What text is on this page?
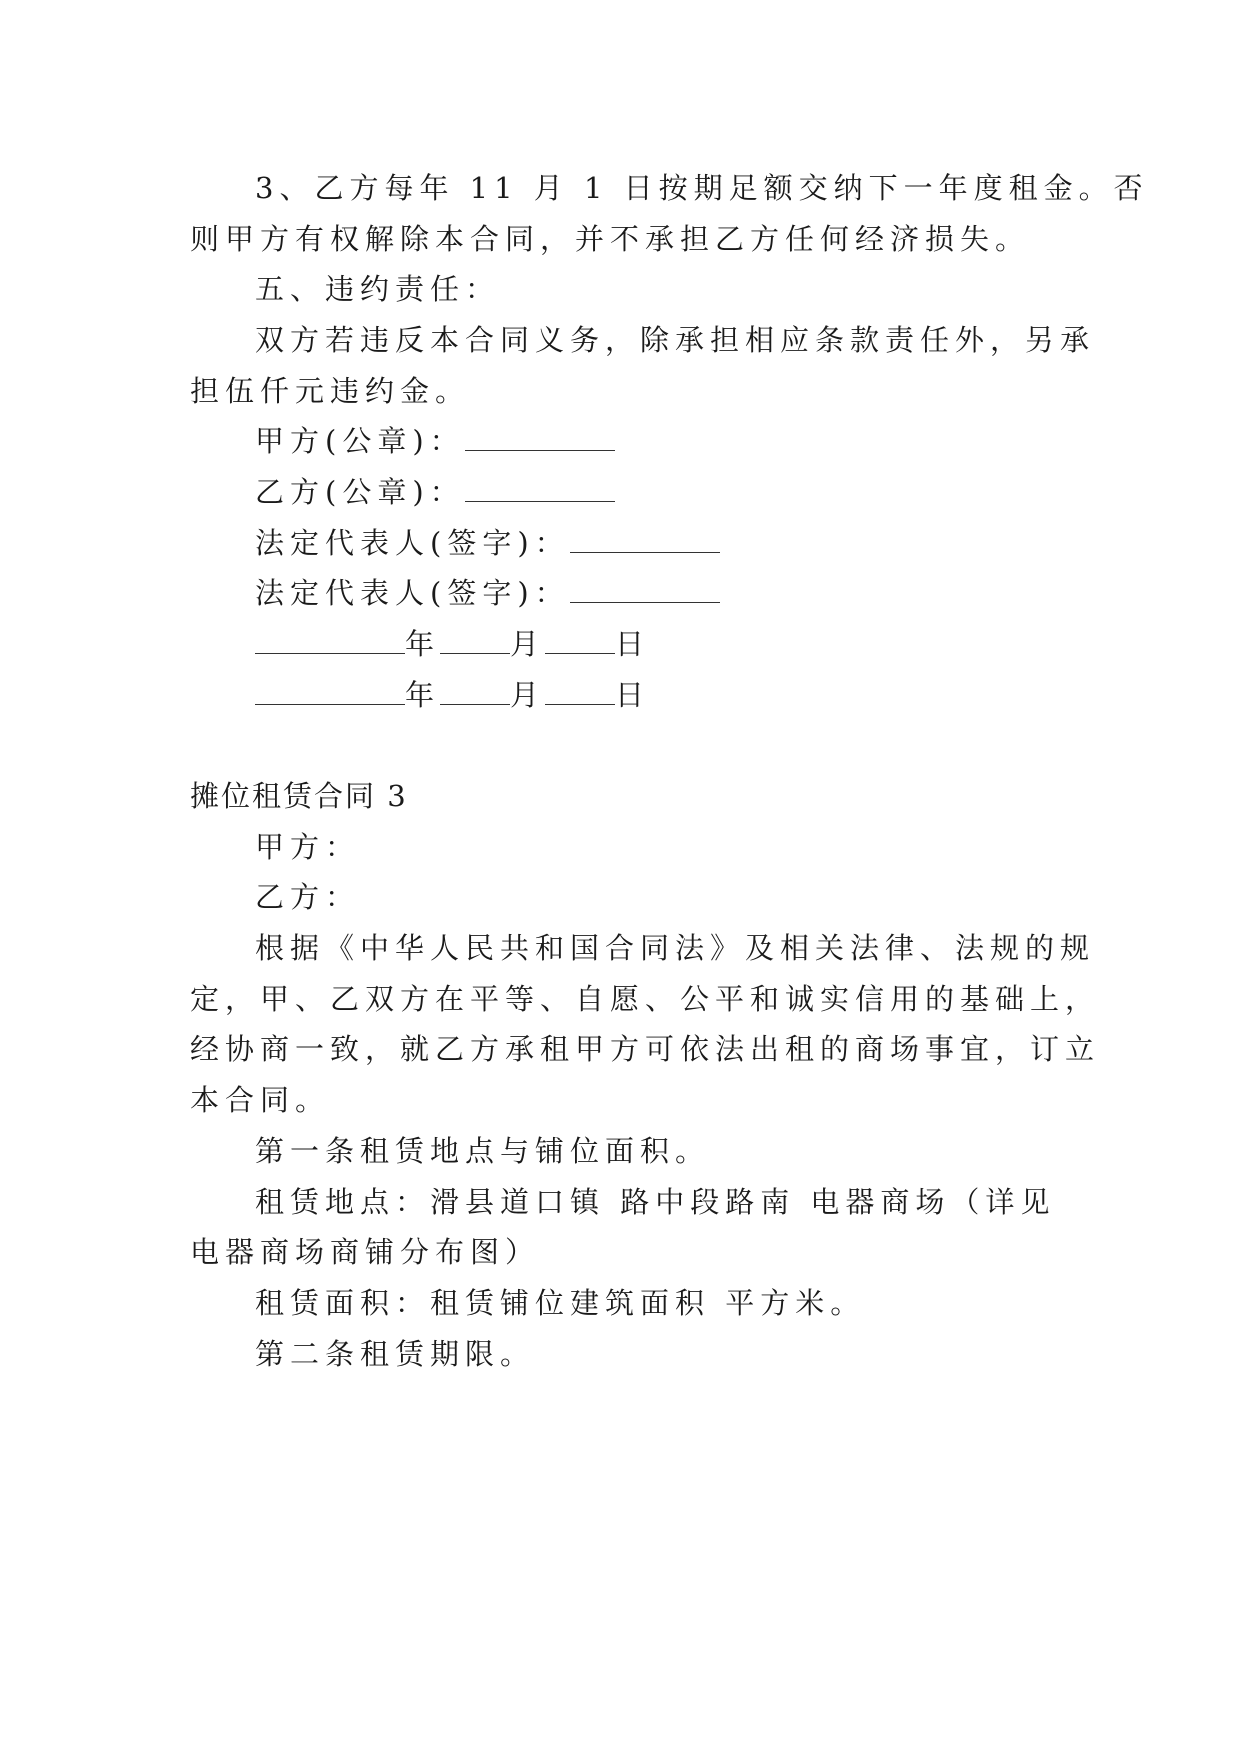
3、乙方每年 11 月 1 日按期足额交纳下一年度租金。否
则甲方有权解除本合同，并不承担乙方任何经济损失。
五、违约责任：
双方若违反本合同义务，除承担相应条款责任外，另承
担伍仟元违约金。
甲方(公章)：
乙方(公章)：
法定代表人(签字)：
法定代表人(签字)：
年 月 日
年 月 日
摊位租赁合同 3
甲方：
乙方：
根据《中华人民共和国合同法》及相关法律、法规的规
定，甲、乙双方在平等、自愿、公平和诚实信用的基础上，
经协商一致，就乙方承租甲方可依法出租的商场事宜，订立
本合同。
第一条租赁地点与铺位面积。
租赁地点：滑县道口镇 路中段路南 电器商场（详见
电器商场商铺分布图）
租赁面积：租赁铺位建筑面积 平方米。
第二条租赁期限。
